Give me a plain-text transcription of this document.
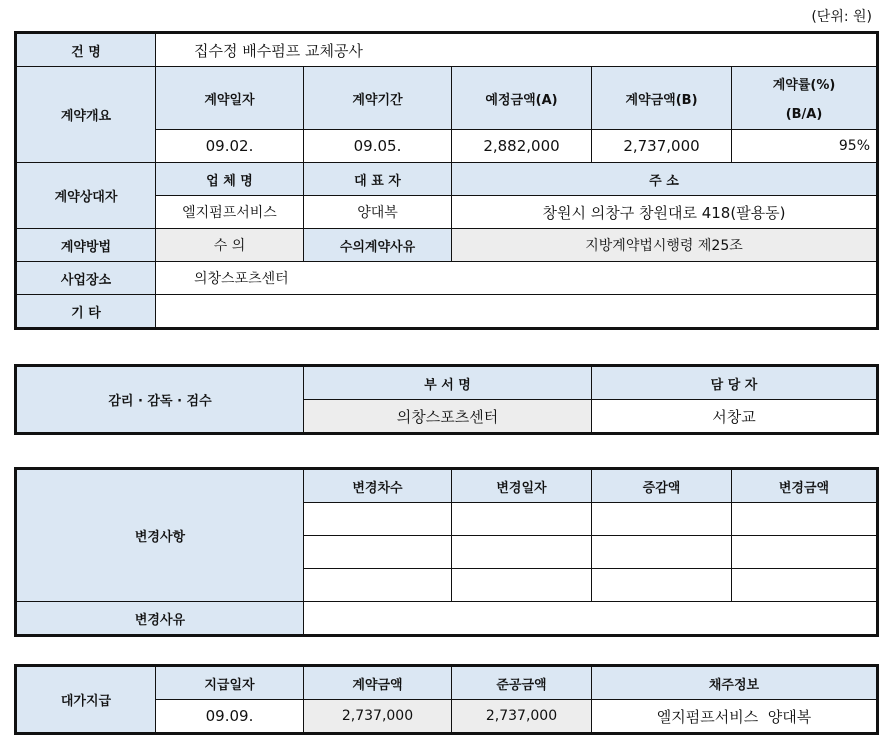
(단위: 원)
건 명	집수정 배수펌프 교체공사				
계약개요	계약일자	계약기간	예정금액(A)	계약금액(B)	계약률(%)
(B/A)

	09.02.	09.05.	2,882,000	2,737,000	95%
계약상대자	업 체 명	대 표 자	주 소		
	엘지펌프서비스	양대복	창원시 의창구 창원대로 418(팔용동)		
계약방법	수 의	수의계약사유	지방계약법시행령 제25조		
사업장소	의창스포츠센터				
기 타					
감리 · 감독 · 검수	부 서 명	담 당 자
	의창스포츠센터	서창교
변경사항	변경차수	변경일자	증감액	변경금액

변경사유				
대가지급	지급일자	계약금액	준공금액	채주정보
	09.09.	2,737,000	2,737,000	엘지펌프서비스  양대복
